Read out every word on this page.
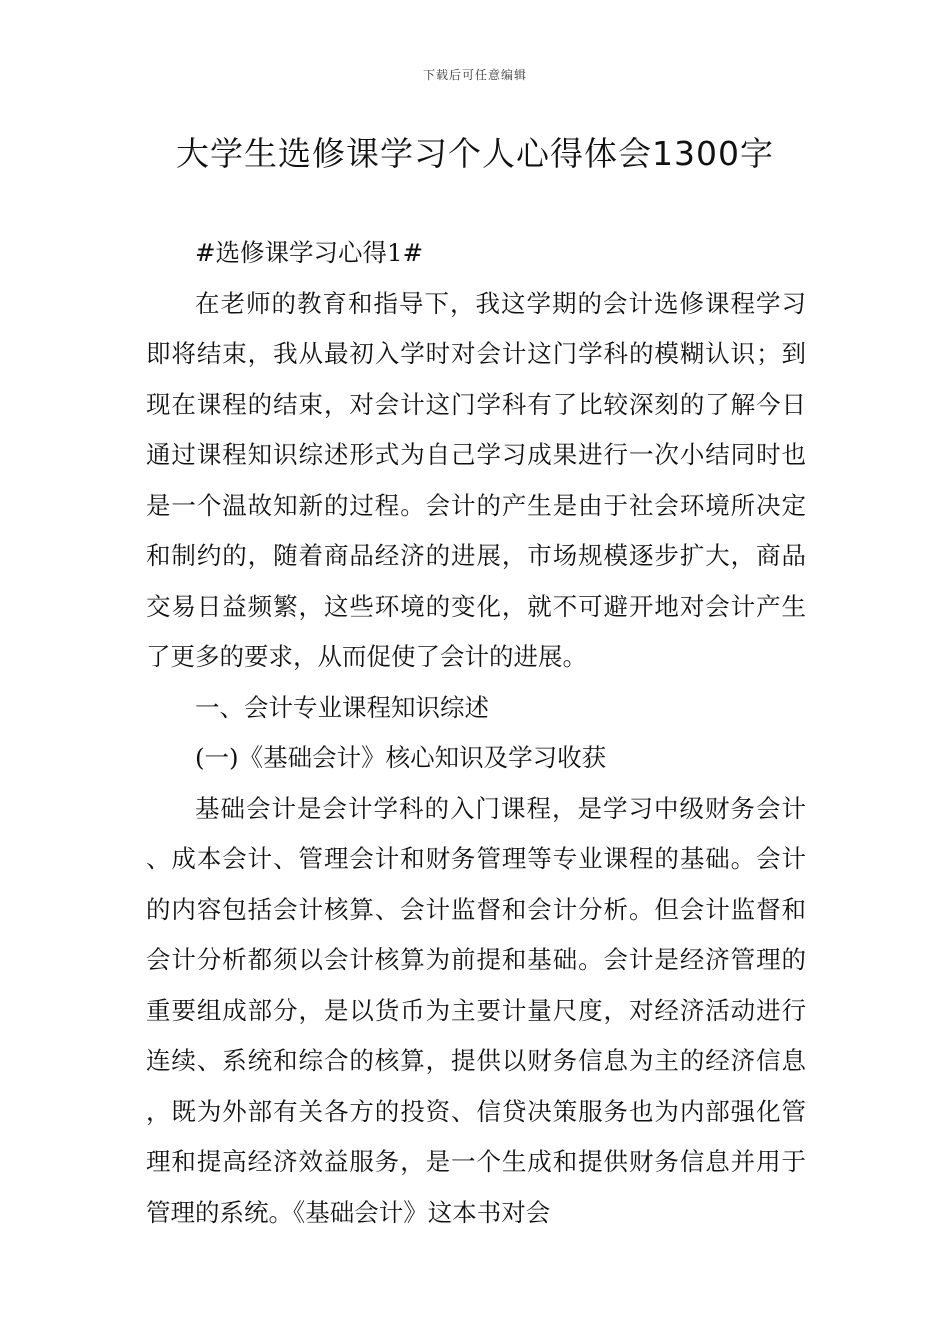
下载后可任意编辑
大学生选修课学习个人心得体会1300字

#选修课学习心得1#

在老师的教育和指导下，我这学期的会计选修课程学习即将结束，我从最初入学时对会计这门学科的模糊认识；到现在课程的结束，对会计这门学科有了比较深刻的了解今日通过课程知识综述形式为自己学习成果进行一次小结同时也是一个温故知新的过程。会计的产生是由于社会环境所决定和制约的，随着商品经济的进展，市场规模逐步扩大，商品交易日益频繁，这些环境的变化，就不可避开地对会计产生了更多的要求，从而促使了会计的进展。

一、会计专业课程知识综述

(一)《基础会计》核心知识及学习收获

基础会计是会计学科的入门课程，是学习中级财务会计、成本会计、管理会计和财务管理等专业课程的基础。会计的内容包括会计核算、会计监督和会计分析。但会计监督和会计分析都须以会计核算为前提和基础。会计是经济管理的重要组成部分，是以货币为主要计量尺度，对经济活动进行连续、系统和综合的核算，提供以财务信息为主的经济信息，既为外部有关各方的投资、信贷决策服务也为内部强化管理和提高经济效益服务，是一个生成和提供财务信息并用于管理的系统。《基础会计》这本书对会
